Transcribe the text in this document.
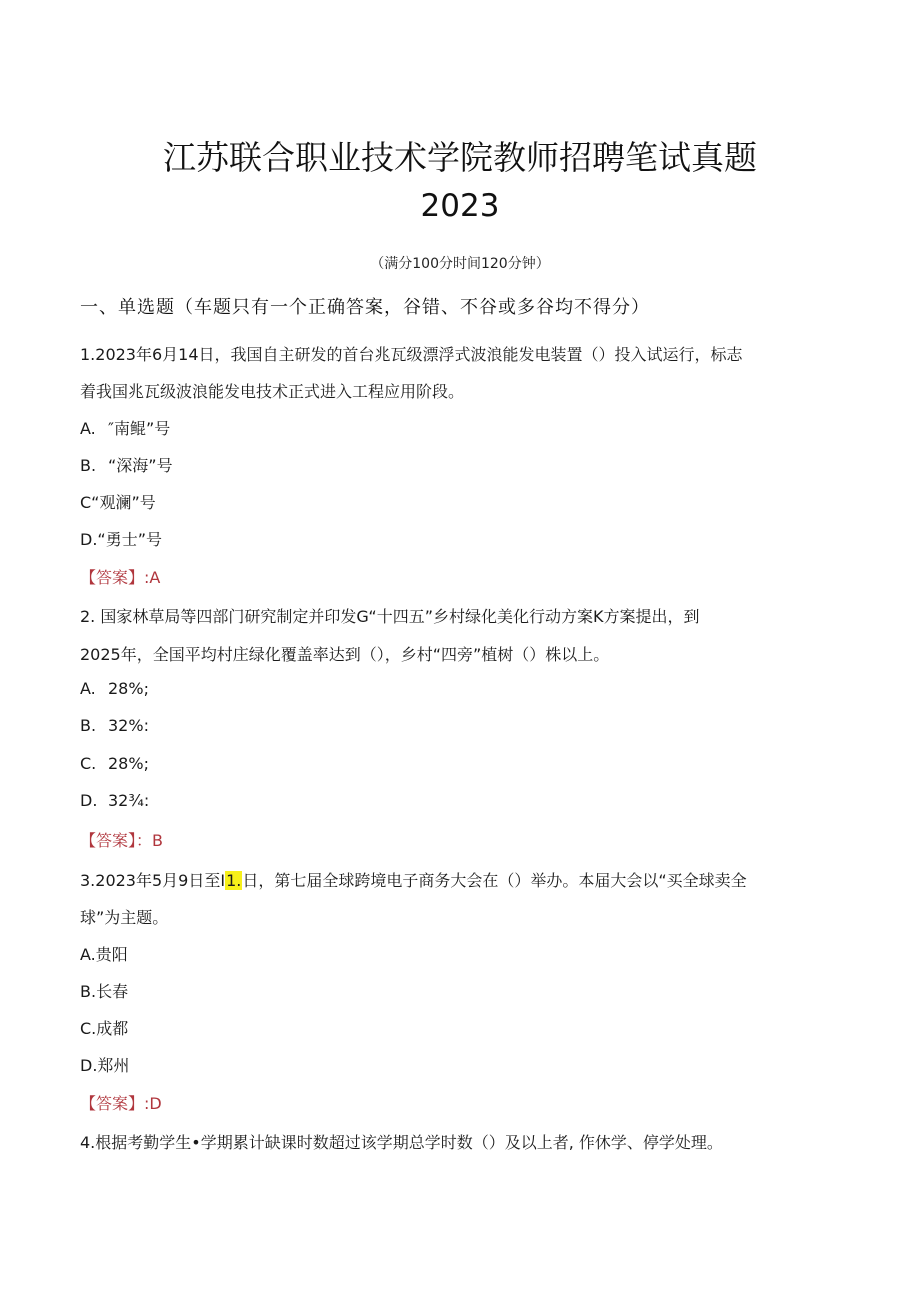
江苏联合职业技术学院教师招聘笔试真题
2023
（满分100分时间120分钟）
一、单选题（车题只有一个正确答案，谷错、不谷或多谷均不得分）
1.2023年6月14日，我国自主研发的首台兆瓦级漂浮式波浪能发电装置（）投入试运行，标志
着我国兆瓦级波浪能发电技术正式进入工程应用阶段。
A. ″南鲲”号
B. “深海”号
C“观澜”号
D.“勇士”号
【答案】:A
2. 国家林草局等四部门研究制定并印发G“十四五”乡村绿化美化行动方案K方案提出，到
2025年，全国平均村庄绿化覆盖率达到（），乡村“四旁”植树（）株以上。
A. 28%;
B. 32%:
C. 28%;
D. 32¾:
【答案】：B
3.2023年5月9日至I1.日，第七届全球跨境电子商务大会在（）举办。本届大会以“买全球卖全
球”为主题。
A.贵阳
B.长春
C.成都
D.郑州
【答案】:D
4.根据考勤学生•学期累计缺课时数超过该学期总学时数（）及以上者, 作休学、停学处理。
